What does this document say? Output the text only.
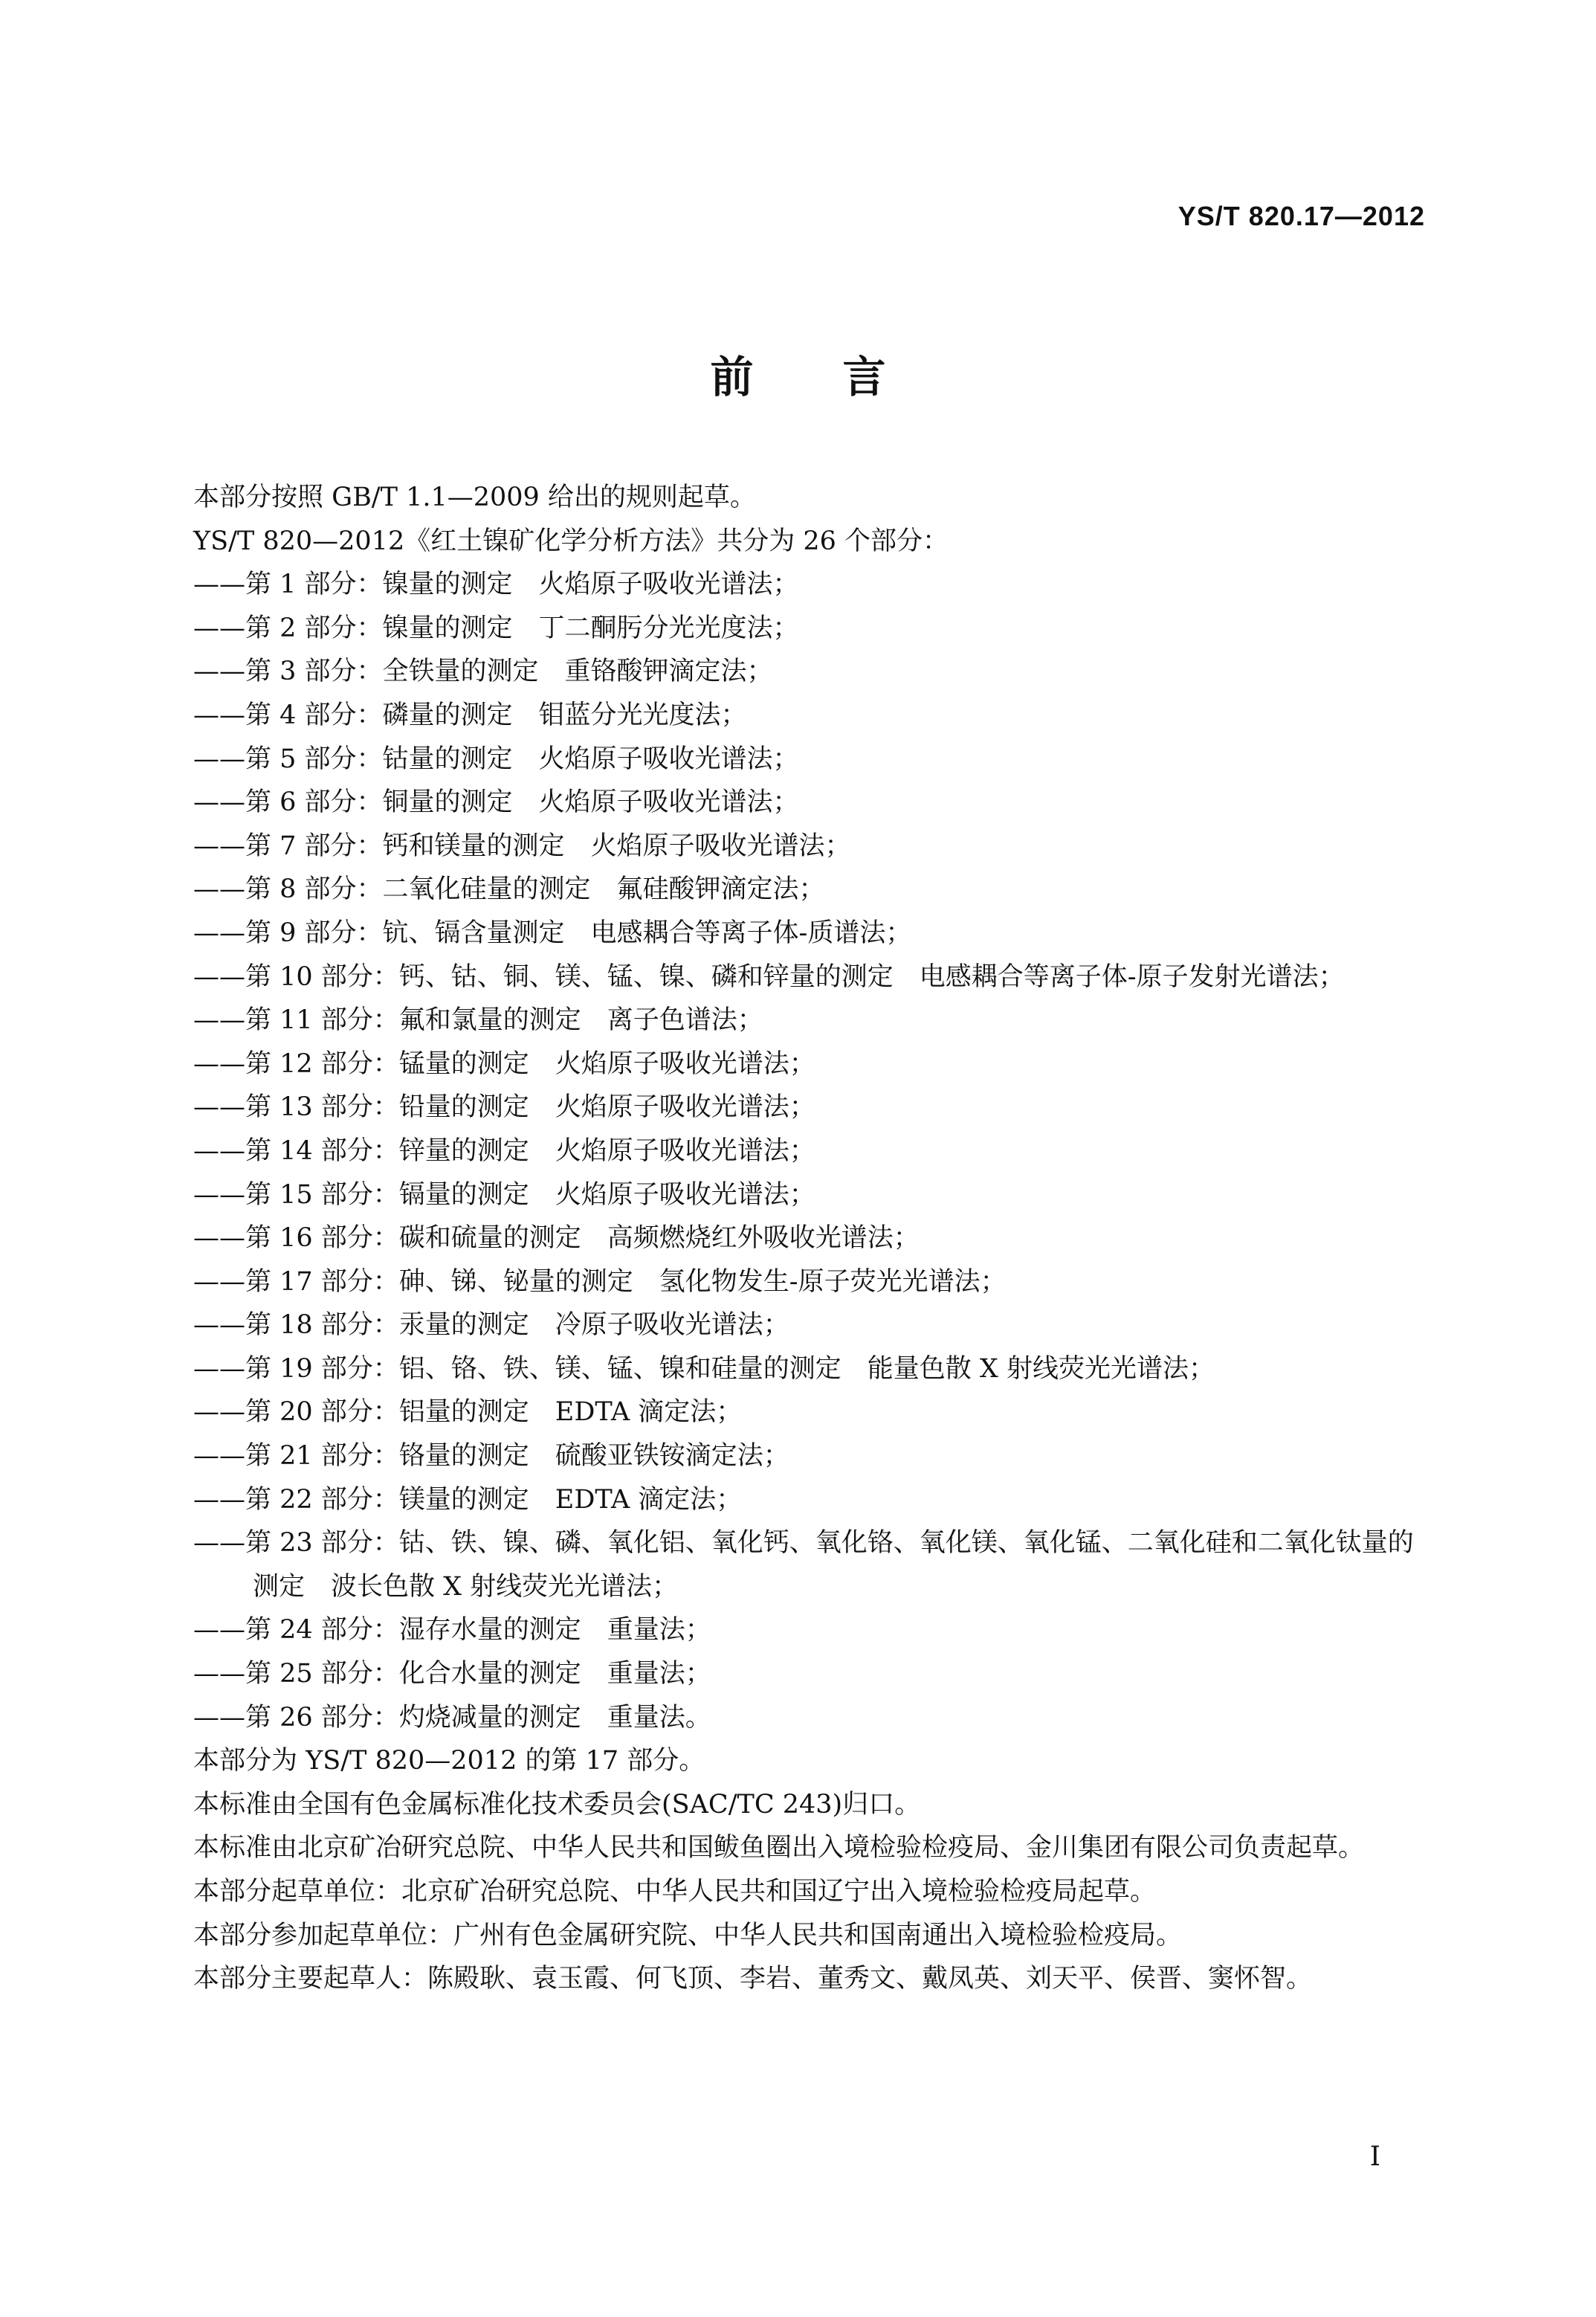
YS/T 820.17—2012
前言

本部分按照 GB/T 1.1—2009 给出的规则起草。

YS/T 820—2012《红土镍矿化学分析方法》共分为 26 个部分：

——第 1 部分：镍量的测定　火焰原子吸收光谱法；

——第 2 部分：镍量的测定　丁二酮肟分光光度法；

——第 3 部分：全铁量的测定　重铬酸钾滴定法；

——第 4 部分：磷量的测定　钼蓝分光光度法；

——第 5 部分：钴量的测定　火焰原子吸收光谱法；

——第 6 部分：铜量的测定　火焰原子吸收光谱法；

——第 7 部分：钙和镁量的测定　火焰原子吸收光谱法；

——第 8 部分：二氧化硅量的测定　氟硅酸钾滴定法；

——第 9 部分：钪、镉含量测定　电感耦合等离子体-质谱法；

——第 10 部分：钙、钴、铜、镁、锰、镍、磷和锌量的测定　电感耦合等离子体-原子发射光谱法；

——第 11 部分：氟和氯量的测定　离子色谱法；

——第 12 部分：锰量的测定　火焰原子吸收光谱法；

——第 13 部分：铅量的测定　火焰原子吸收光谱法；

——第 14 部分：锌量的测定　火焰原子吸收光谱法；

——第 15 部分：镉量的测定　火焰原子吸收光谱法；

——第 16 部分：碳和硫量的测定　高频燃烧红外吸收光谱法；

——第 17 部分：砷、锑、铋量的测定　氢化物发生-原子荧光光谱法；

——第 18 部分：汞量的测定　冷原子吸收光谱法；

——第 19 部分：铝、铬、铁、镁、锰、镍和硅量的测定　能量色散 X 射线荧光光谱法；

——第 20 部分：铝量的测定　EDTA 滴定法；

——第 21 部分：铬量的测定　硫酸亚铁铵滴定法；

——第 22 部分：镁量的测定　EDTA 滴定法；

——第 23 部分：钴、铁、镍、磷、氧化铝、氧化钙、氧化铬、氧化镁、氧化锰、二氧化硅和二氧化钛量的

测定　波长色散 X 射线荧光光谱法；

——第 24 部分：湿存水量的测定　重量法；

——第 25 部分：化合水量的测定　重量法；

——第 26 部分：灼烧减量的测定　重量法。

本部分为 YS/T 820—2012 的第 17 部分。

本标准由全国有色金属标准化技术委员会(SAC/TC 243)归口。

本标准由北京矿冶研究总院、中华人民共和国鲅鱼圈出入境检验检疫局、金川集团有限公司负责起草。

本部分起草单位：北京矿冶研究总院、中华人民共和国辽宁出入境检验检疫局起草。

本部分参加起草单位：广州有色金属研究院、中华人民共和国南通出入境检验检疫局。

本部分主要起草人：陈殿耿、袁玉霞、何飞顶、李岩、董秀文、戴凤英、刘天平、侯晋、窦怀智。

I
